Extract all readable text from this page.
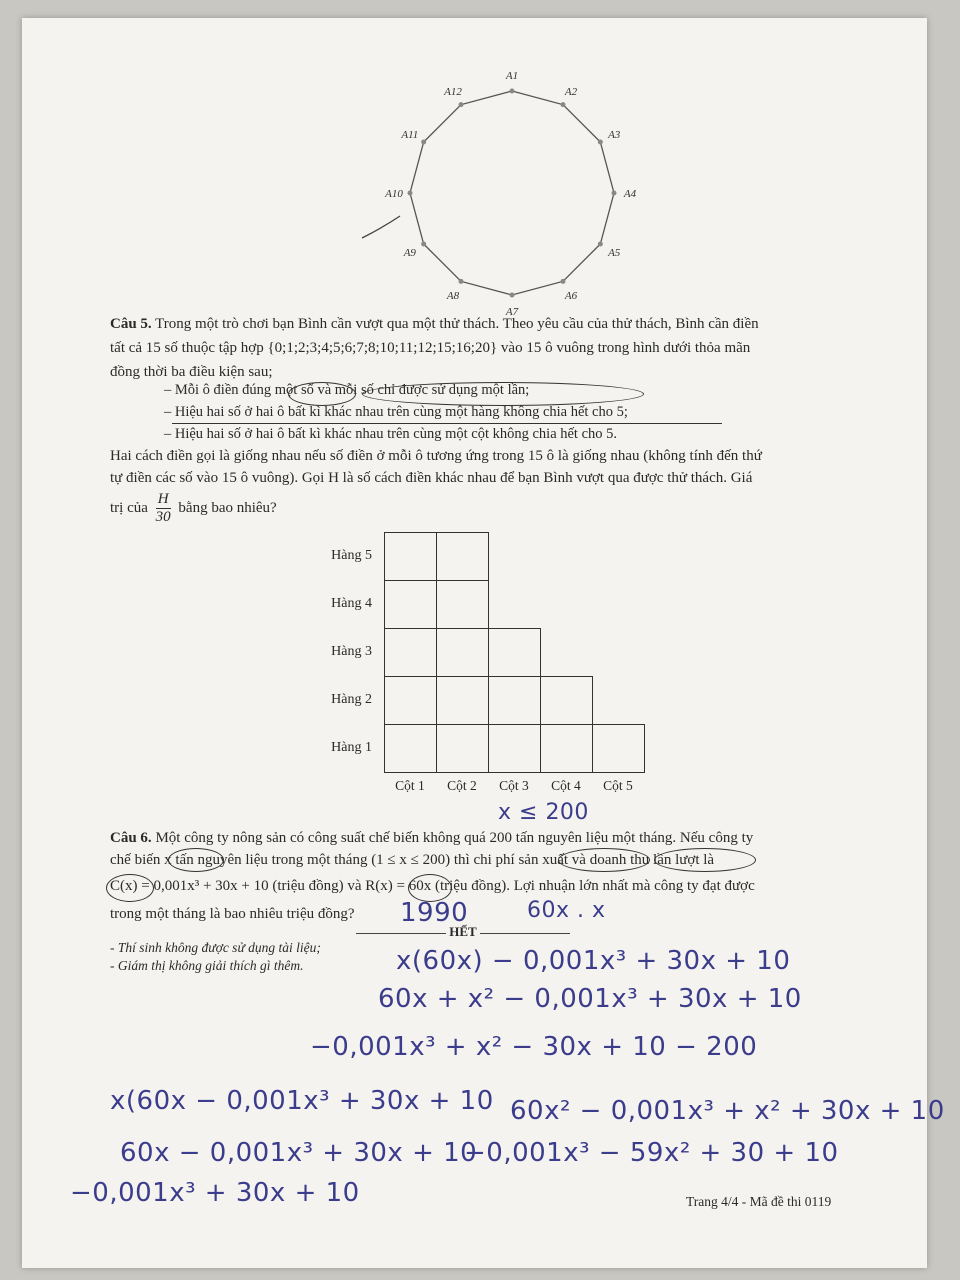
A1
A2
A3
A4
A5
A6
A7
A8
A9
A10
A11
A12
Câu 5. Trong một trò chơi bạn Bình cần vượt qua một thử thách. Theo yêu cầu của thử thách, Bình cần điền
tất cả 15 số thuộc tập hợp {0;1;2;3;4;5;6;7;8;10;11;12;15;16;20} vào 15 ô vuông trong hình dưới thỏa mãn
đồng thời ba điều kiện sau;
– Mỗi ô điền đúng một số và mỗi số chỉ được sử dụng một lần;
– Hiệu hai số ở hai ô bất kì khác nhau trên cùng một hàng không chia hết cho 5;
– Hiệu hai số ở hai ô bất kì khác nhau trên cùng một cột không chia hết cho 5.
Hai cách điền gọi là giống nhau nếu số điền ở mỗi ô tương ứng trong 15 ô là giống nhau (không tính đến thứ
tự điền các số vào 15 ô vuông). Gọi H là số cách điền khác nhau để bạn Bình vượt qua được thử thách. Giá
trị của $\frac{H}{30}$ bằng bao nhiêu?
Hàng 5
Hàng 4
Hàng 3
Hàng 2
Hàng 1
Cột 1	Cột 2	Cột 3	Cột 4	Cột 5
x ≤ 200
Câu 6. Một công ty nông sản có công suất chế biến không quá 200 tấn nguyên liệu một tháng. Nếu công ty
chế biến x tấn nguyên liệu trong một tháng (1 ≤ x ≤ 200) thì chi phí sản xuất và doanh thu lần lượt là
C(x) = 0,001x³ + 30x + 10 (triệu đồng) và R(x) = 60x (triệu đồng). Lợi nhuận lớn nhất mà công ty đạt được
trong một tháng là bao nhiêu triệu đồng? 1990
HẾT
60x . x
- Thí sinh không được sử dụng tài liệu;
- Giám thị không giải thích gì thêm.	x(60x) − 0,001x³ + 30x + 10
60x + x² − 0,001x³ + 30x + 10
−0,001x³ + x² − 30x + 10 − 200
x(60x − 0,001x³ + 30x + 10 60x² − 0,001x³ + x² + 30x + 10
60x − 0,001x³ + 30x + 10
−0,001x³ − 59x² + 30 + 10
−0,001x³ + 30x + 10	Trang 4/4 - Mã đề thi 0119
